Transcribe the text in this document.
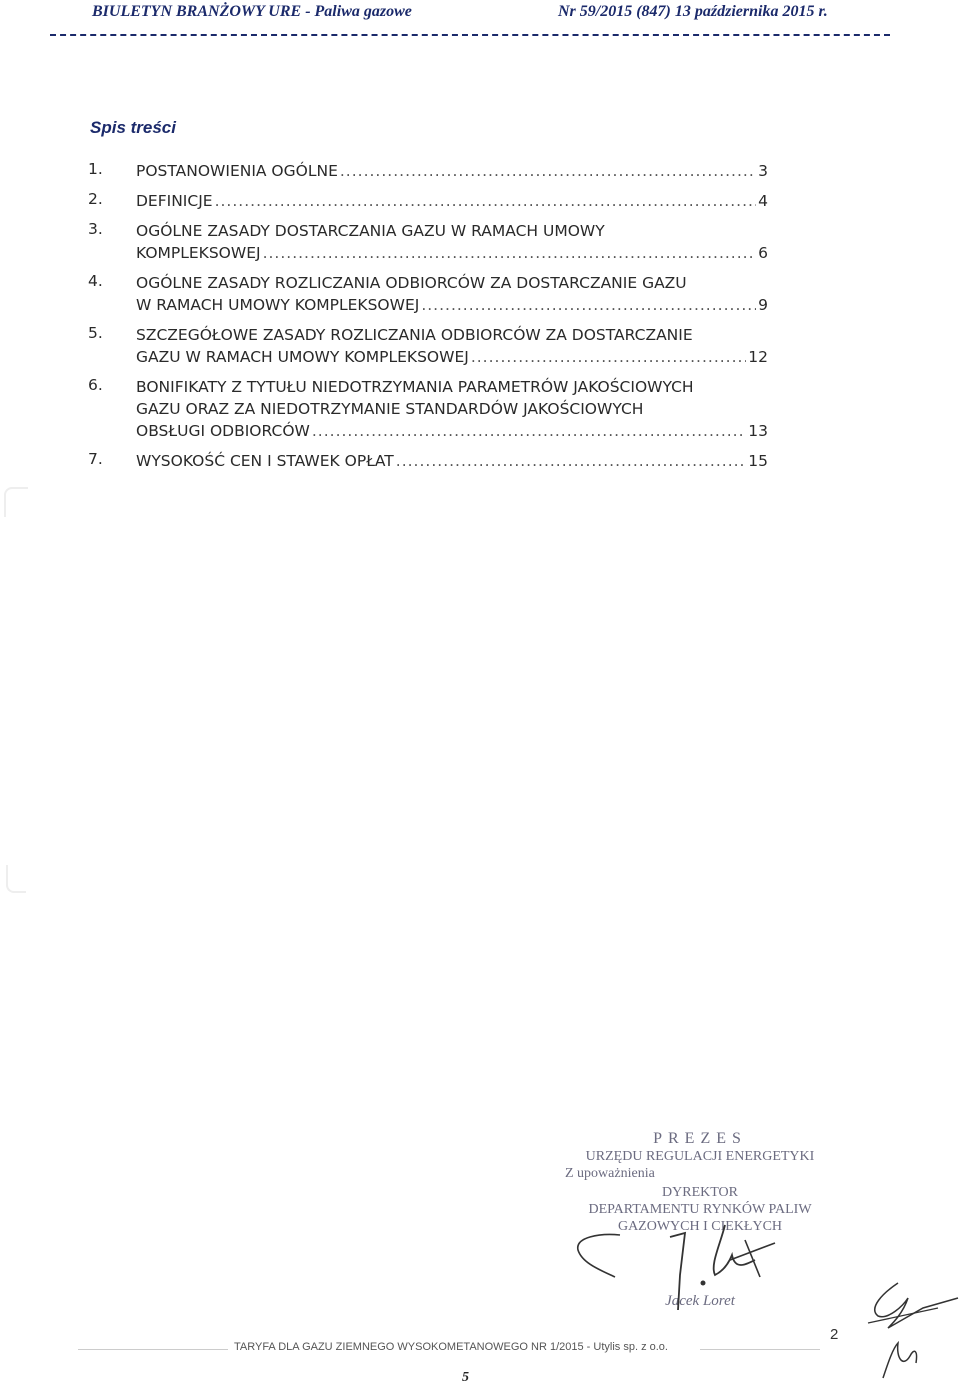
BIULETYN BRANŻOWY URE - Paliwa gazowe	Nr 59/2015 (847) 13 października 2015 r.
Spis treści
1.	POSTANOWIENIA OGÓLNE .....	3
2.	DEFINICJE .....	4
3.	OGÓLNE ZASADY DOSTARCZANIA GAZU W RAMACH UMOWY
KOMPLEKSOWEJ .....	6
4.	OGÓLNE ZASADY ROZLICZANIA ODBIORCÓW ZA DOSTARCZANIE GAZU
W RAMACH UMOWY KOMPLEKSOWEJ .....	9
5.	SZCZEGÓŁOWE ZASADY ROZLICZANIA ODBIORCÓW ZA DOSTARCZANIE
GAZU W RAMACH UMOWY KOMPLEKSOWEJ .....	12
6.	BONIFIKATY Z TYTUŁU NIEDOTRZYMANIA PARAMETRÓW JAKOŚCIOWYCH
GAZU ORAZ ZA NIEDOTRZYMANIE STANDARDÓW JAKOŚCIOWYCH
OBSŁUGI ODBIORCÓW .....	13
7.	WYSOKOŚĆ CEN I STAWEK OPŁAT .....	15
PREZES
URZĘDU REGULACJI ENERGETYKI
Z upoważnienia
DYREKTOR
DEPARTAMENTU RYNKÓW PALIW
GAZOWYCH I CIEKŁYCH
Jacek Loret
TARYFA DLA GAZU ZIEMNEGO WYSOKOMETANOWEGO NR 1/2015 - Utylis sp. z o.o.
2
5
